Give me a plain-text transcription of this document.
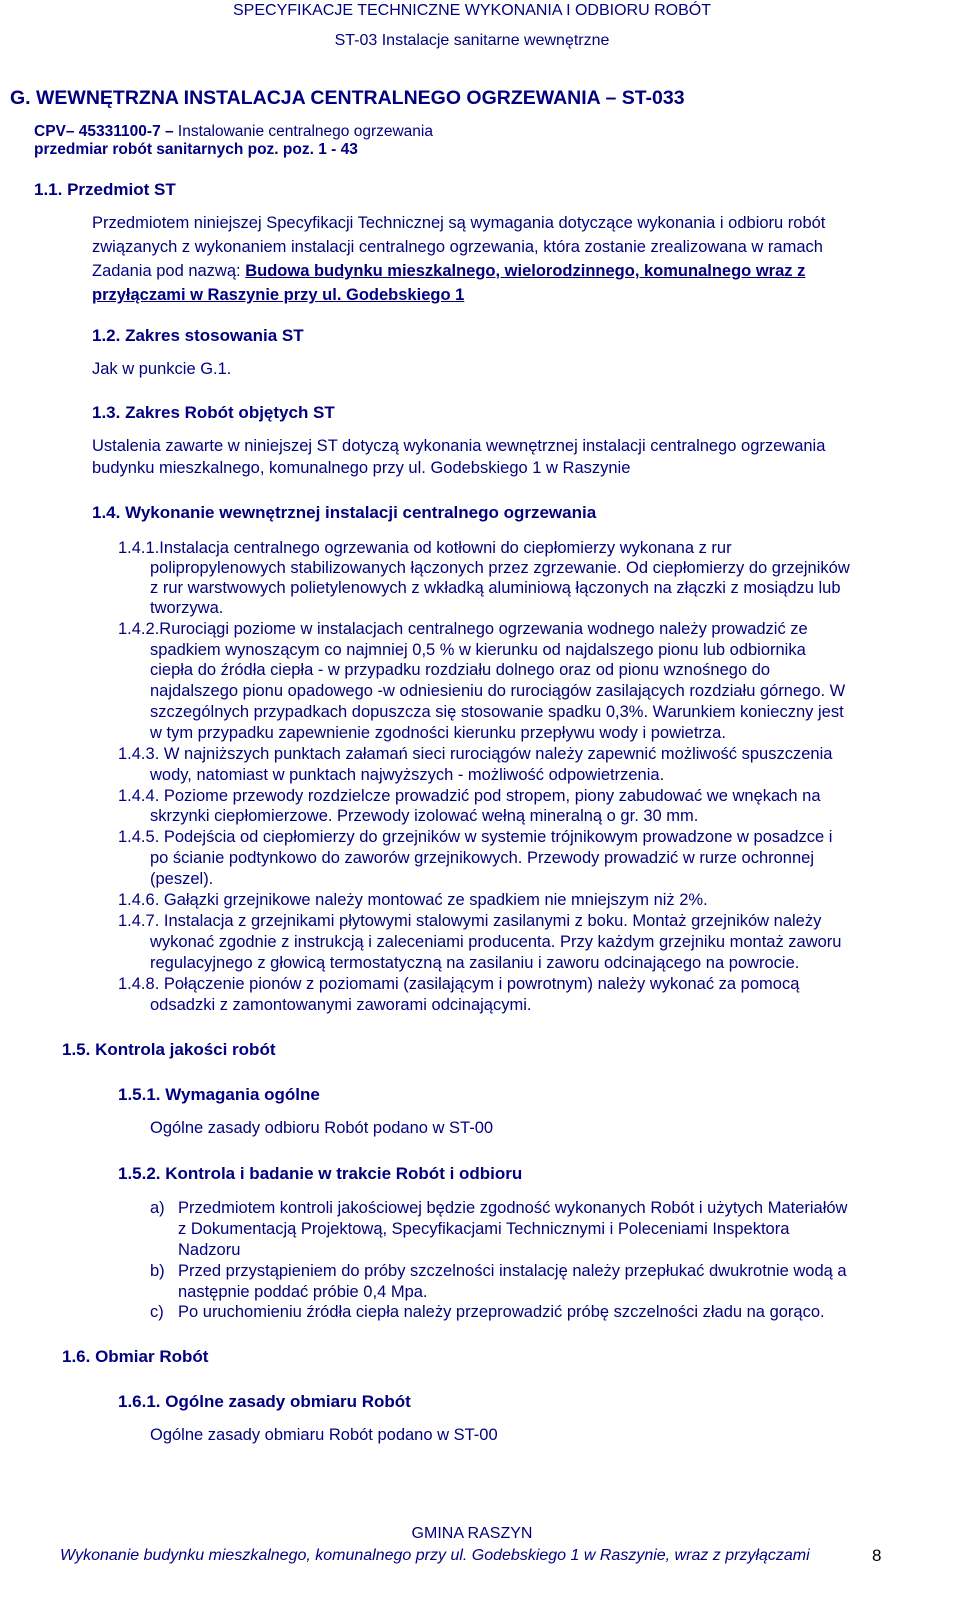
SPECYFIKACJE TECHNICZNE WYKONANIA I ODBIORU ROBÓT
ST-03 Instalacje sanitarne wewnętrzne
G. WEWNĘTRZNA INSTALACJA CENTRALNEGO OGRZEWANIA – ST-033
CPV– 45331100-7 – Instalowanie centralnego ogrzewania
przedmiar robót sanitarnych poz. poz. 1 - 43
1.1. Przedmiot ST
Przedmiotem niniejszej Specyfikacji Technicznej są wymagania dotyczące wykonania i odbioru robót
związanych z wykonaniem instalacji centralnego ogrzewania, która zostanie zrealizowana w ramach
Zadania pod nazwą: Budowa budynku mieszkalnego, wielorodzinnego, komunalnego wraz z
przyłączami w Raszynie przy ul. Godebskiego 1
1.2. Zakres stosowania ST
Jak w punkcie G.1.
1.3. Zakres Robót objętych ST
Ustalenia zawarte w niniejszej ST dotyczą wykonania wewnętrznej instalacji centralnego ogrzewania
budynku mieszkalnego, komunalnego przy ul. Godebskiego 1 w Raszynie
1.4. Wykonanie wewnętrznej instalacji centralnego ogrzewania
1.4.1.Instalacja centralnego ogrzewania od kotłowni do ciepłomierzy wykonana z rur
polipropylenowych stabilizowanych łączonych przez zgrzewanie. Od ciepłomierzy do grzejników
z rur warstwowych polietylenowych z wkładką aluminiową łączonych na złączki z mosiądzu lub
tworzywa.
1.4.2.Rurociągi poziome w instalacjach centralnego ogrzewania wodnego należy prowadzić ze
spadkiem wynoszącym co najmniej 0,5 % w kierunku od najdalszego pionu lub odbiornika
ciepła do źródła ciepła - w przypadku rozdziału dolnego oraz od pionu wznośnego do
najdalszego pionu opadowego -w odniesieniu do rurociągów zasilających rozdziału górnego. W
szczególnych przypadkach dopuszcza się stosowanie spadku 0,3%. Warunkiem konieczny jest
w tym przypadku zapewnienie zgodności kierunku przepływu wody i powietrza.
1.4.3. W najniższych punktach załamań sieci rurociągów należy zapewnić możliwość spuszczenia
wody, natomiast w punktach najwyższych - możliwość odpowietrzenia.
1.4.4. Poziome przewody rozdzielcze prowadzić pod stropem, piony zabudować we wnękach na
skrzynki ciepłomierzowe. Przewody izolować wełną mineralną o gr. 30 mm.
1.4.5. Podejścia od ciepłomierzy do grzejników w systemie trójnikowym prowadzone w posadzce i
po ścianie podtynkowo do zaworów grzejnikowych. Przewody prowadzić w rurze ochronnej
(peszel).
1.4.6. Gałązki grzejnikowe należy montować ze spadkiem nie mniejszym niż 2%.
1.4.7. Instalacja z grzejnikami płytowymi stalowymi zasilanymi z boku. Montaż grzejników należy
wykonać zgodnie z instrukcją i zaleceniami producenta. Przy każdym grzejniku montaż zaworu
regulacyjnego z głowicą termostatyczną na zasilaniu i zaworu odcinającego na powrocie.
1.4.8. Połączenie pionów z poziomami (zasilającym i powrotnym) należy wykonać za pomocą
odsadzki z zamontowanymi zaworami odcinającymi.
1.5. Kontrola jakości robót
1.5.1. Wymagania ogólne
Ogólne zasady odbioru Robót podano w ST-00
1.5.2. Kontrola i badanie w trakcie Robót i odbioru
a) Przedmiotem kontroli jakościowej będzie zgodność wykonanych Robót i użytych Materiałów
z Dokumentacją Projektową, Specyfikacjami Technicznymi i Poleceniami Inspektora
Nadzoru
b) Przed przystąpieniem do próby szczelności instalację należy przepłukać dwukrotnie wodą a
następnie poddać próbie 0,4 Mpa.
c) Po uruchomieniu źródła ciepła należy przeprowadzić próbę szczelności zładu na gorąco.
1.6. Obmiar Robót
1.6.1. Ogólne zasady obmiaru Robót
Ogólne zasady obmiaru Robót podano w ST-00
GMINA RASZYN
Wykonanie budynku mieszkalnego, komunalnego przy ul. Godebskiego 1 w Raszynie, wraz z przyłączami	8
